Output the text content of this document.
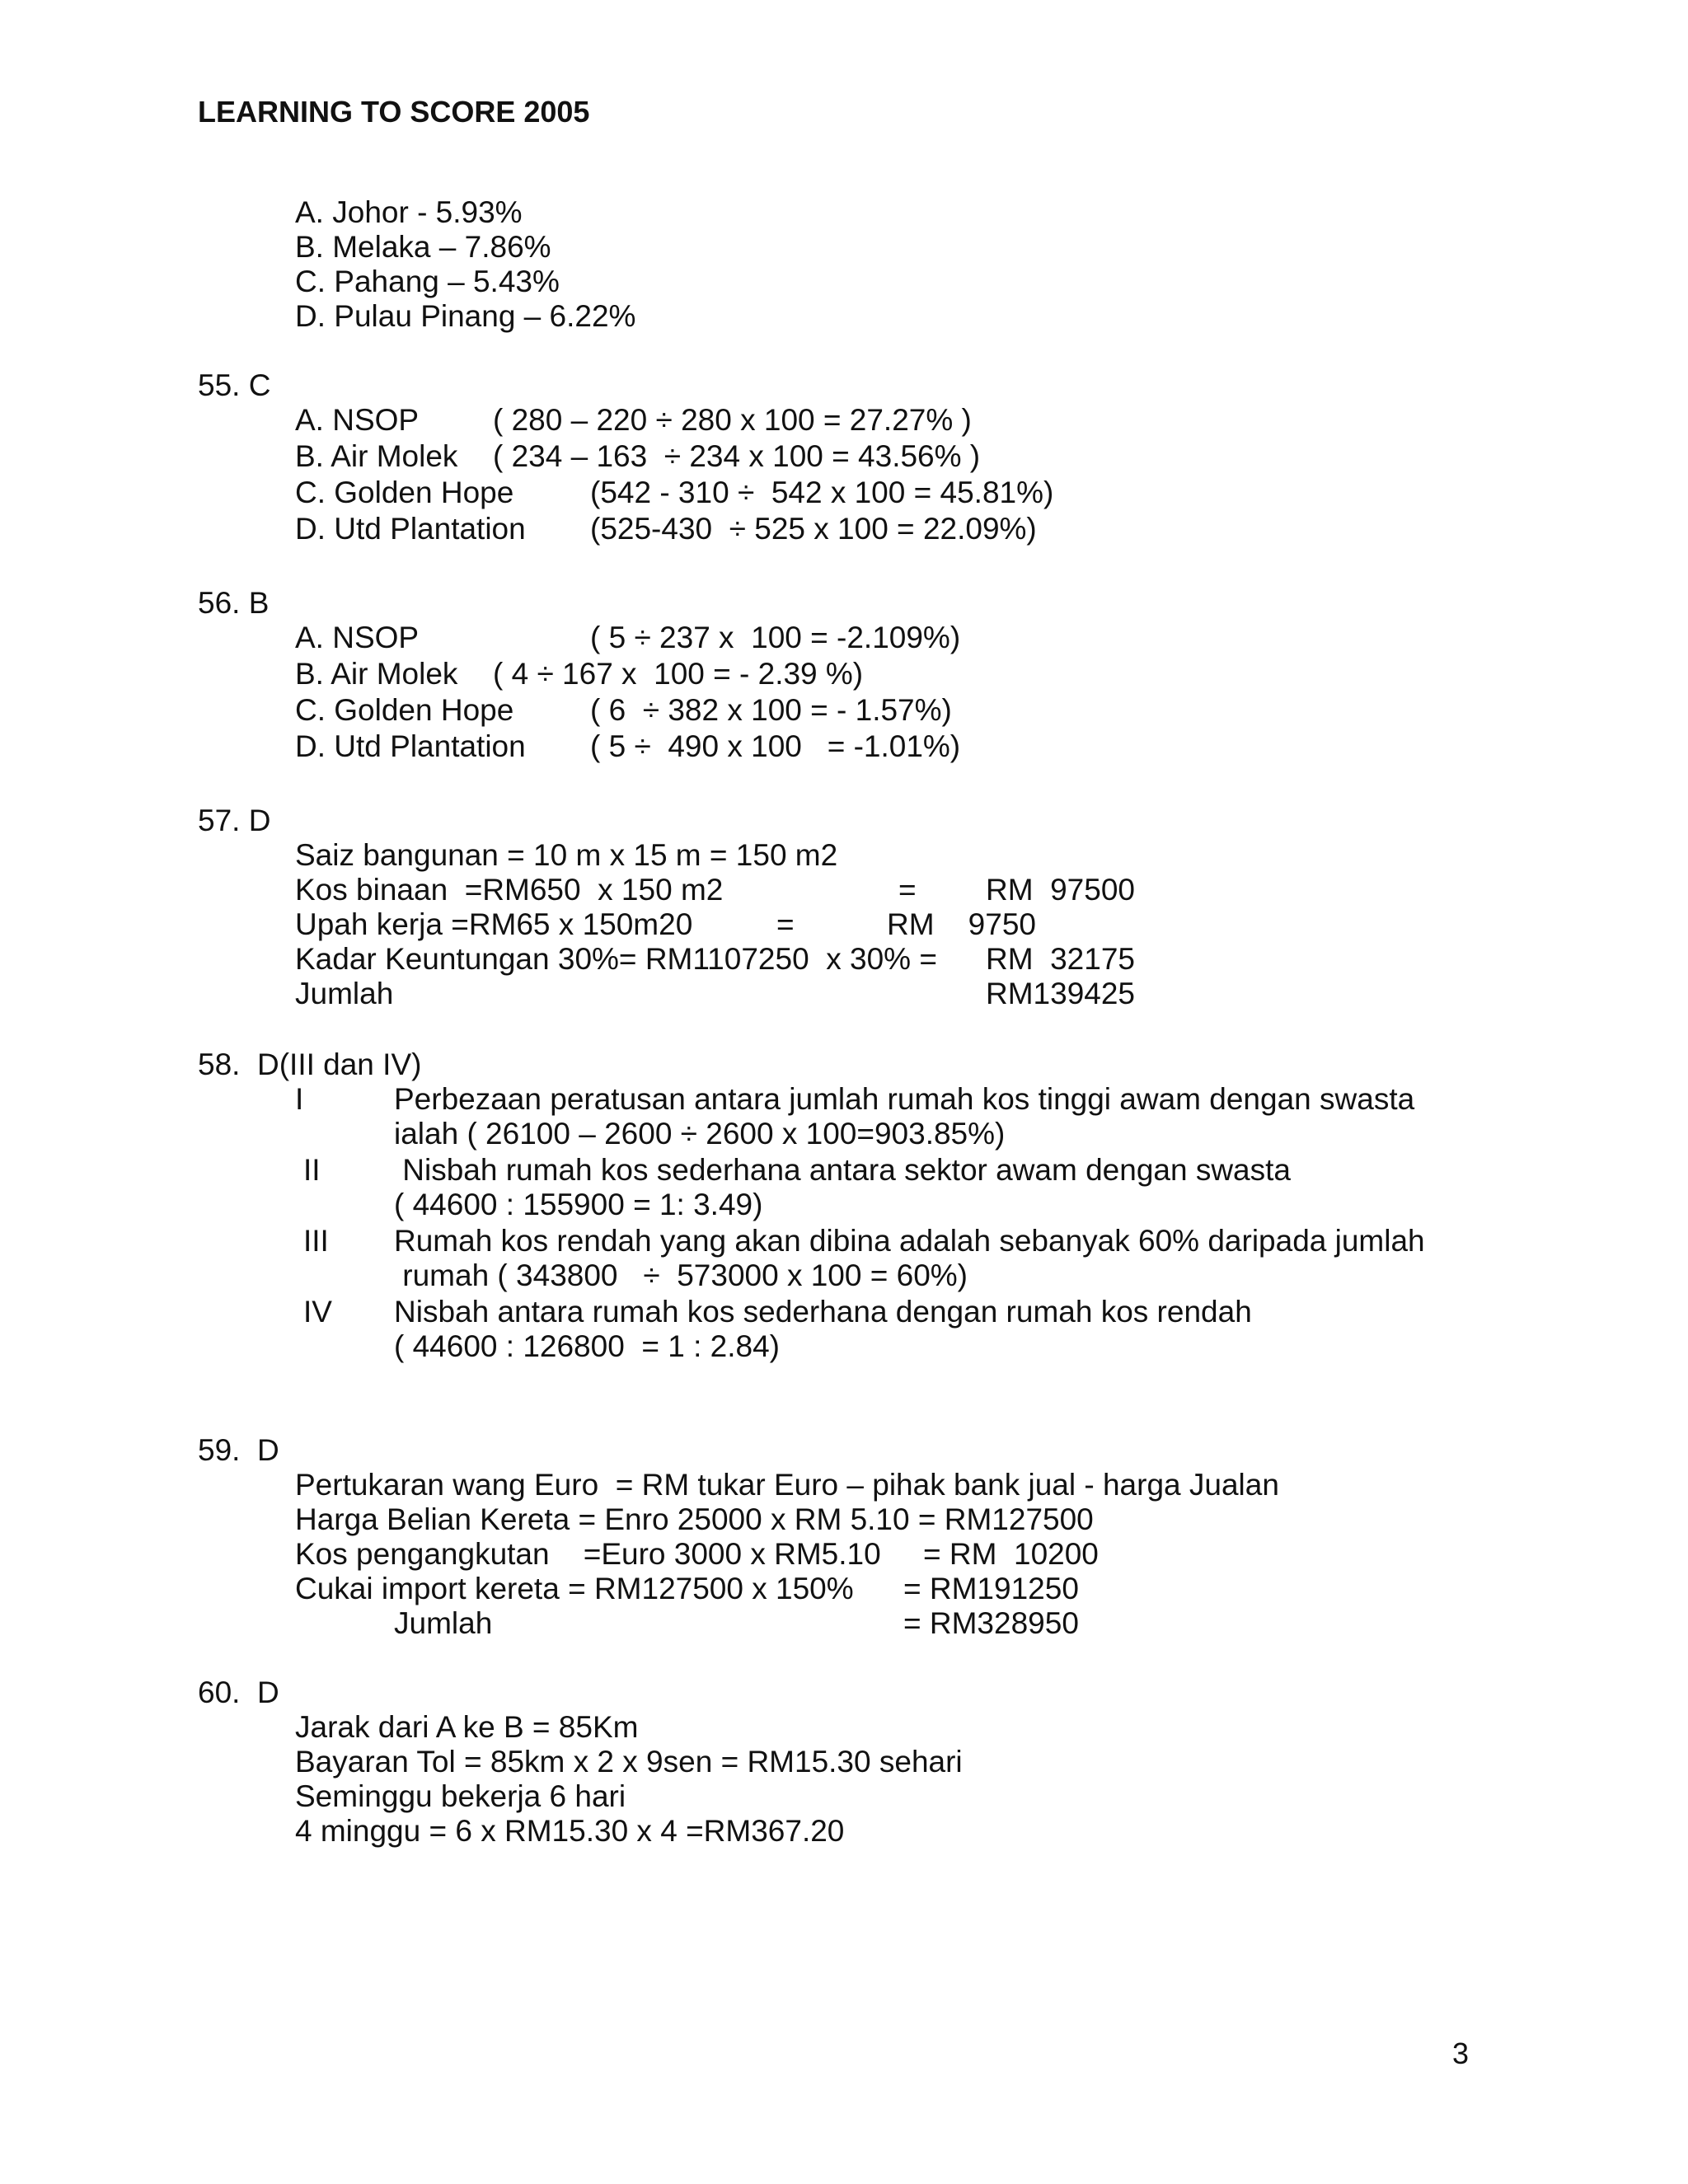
LEARNING TO SCORE 2005
A. Johor - 5.93%
B. Melaka – 7.86%
C. Pahang – 5.43%
D. Pulau Pinang – 6.22%
55. C
A. NSOP ( 280 – 220 ÷ 280 x 100 = 27.27% )
B. Air Molek ( 234 – 163  ÷ 234 x 100 = 43.56% )
C. Golden Hope	(542 - 310 ÷  542 x 100 = 45.81%)
D. Utd Plantation (525-430  ÷ 525 x 100 = 22.09%)
56. B
A. NSOP	( 5 ÷ 237 x  100 = -2.109%)
B. Air Molek ( 4 ÷ 167 x  100 = - 2.39 %)
C. Golden Hope	( 6  ÷ 382 x 100 = - 1.57%)
D. Utd Plantation ( 5 ÷  490 x 100   = -1.01%)
57. D
Saiz bangunan = 10 m x 15 m = 150 m2
Kos binaan  =RM650  x 150 m2	= RM  97500
Upah kerja =RM65 x 150m20	=	RM    9750
Kadar Keuntungan 30%= RM1107250  x 30% = RM  32175
Jumlah	RM139425
58.  D(III dan IV)
I	Perbezaan peratusan antara jumlah rumah kos tinggi awam dengan swasta
ialah ( 26100 – 2600 ÷ 2600 x 100=903.85%)
II Nisbah rumah kos sederhana antara sektor awam dengan swasta
( 44600 : 155900 = 1: 3.49)
III Rumah kos rendah yang akan dibina adalah sebanyak 60% daripada jumlah
rumah ( 343800   ÷  573000 x 100 = 60%)
IV Nisbah antara rumah kos sederhana dengan rumah kos rendah
( 44600 : 126800  = 1 : 2.84)
59.  D
Pertukaran wang Euro  = RM tukar Euro – pihak bank jual - harga Jualan
Harga Belian Kereta = Enro 25000 x RM 5.10 = RM127500
Kos pengangkutan    =Euro 3000 x RM5.10 = RM  10200
Cukai import kereta = RM127500 x 150% = RM191250
Jumlah	= RM328950
60.  D
Jarak dari A ke B = 85Km
Bayaran Tol = 85km x 2 x 9sen = RM15.30 sehari
Seminggu bekerja 6 hari
4 minggu = 6 x RM15.30 x 4 =RM367.20
3
